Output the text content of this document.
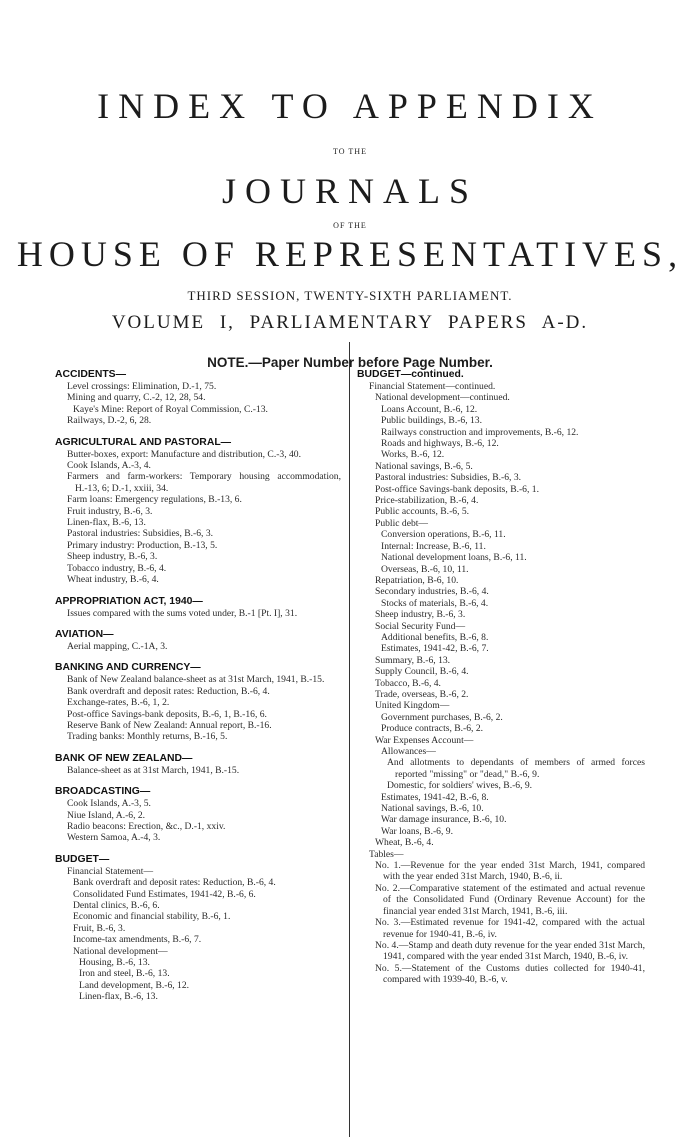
INDEX TO APPENDIX
TO THE
JOURNALS
OF THE
HOUSE OF REPRESENTATIVES,
THIRD SESSION, TWENTY-SIXTH PARLIAMENT.
VOLUME I, PARLIAMENTARY PAPERS A-D.
NOTE.—Paper Number before Page Number.
ACCIDENTS—
Level crossings: Elimination, D.-1, 75.
Mining and quarry, C.-2, 12, 28, 54.
Kaye's Mine: Report of Royal Commission, C.-13.
Railways, D.-2, 6, 28.
AGRICULTURAL AND PASTORAL—
Butter-boxes, export: Manufacture and distribution, C.-3, 40.
Cook Islands, A.-3, 4.
Farmers and farm-workers: Temporary housing accommodation, H.-13, 6; D.-1, xxiii, 34.
Farm loans: Emergency regulations, B.-13, 6.
Fruit industry, B.-6, 3.
Linen-flax, B.-6, 13.
Pastoral industries: Subsidies, B.-6, 3.
Primary industry: Production, B.-13, 5.
Sheep industry, B.-6, 3.
Tobacco industry, B.-6, 4.
Wheat industry, B.-6, 4.
APPROPRIATION ACT, 1940—
Issues compared with the sums voted under, B.-1 [Pt. I], 31.
AVIATION—
Aerial mapping, C.-1A, 3.
BANKING AND CURRENCY—
Bank of New Zealand balance-sheet as at 31st March, 1941, B.-15.
Bank overdraft and deposit rates: Reduction, B.-6, 4.
Exchange-rates, B.-6, 1, 2.
Post-office Savings-bank deposits, B.-6, 1, B.-16, 6.
Reserve Bank of New Zealand: Annual report, B.-16.
Trading banks: Monthly returns, B.-16, 5.
BANK OF NEW ZEALAND—
Balance-sheet as at 31st March, 1941, B.-15.
BROADCASTING—
Cook Islands, A.-3, 5.
Niue Island, A.-6, 2.
Radio beacons: Erection, &c., D.-1, xxiv.
Western Samoa, A.-4, 3.
BUDGET—
Financial Statement—
Bank overdraft and deposit rates: Reduction, B.-6, 4.
Consolidated Fund Estimates, 1941-42, B.-6, 6.
Dental clinics, B.-6, 6.
Economic and financial stability, B.-6, 1.
Fruit, B.-6, 3.
Income-tax amendments, B.-6, 7.
National development—
Housing, B.-6, 13.
Iron and steel, B.-6, 13.
Land development, B.-6, 12.
Linen-flax, B.-6, 13.
BUDGET—continued.
Financial Statement—continued.
National development—continued.
Loans Account, B.-6, 12.
Public buildings, B.-6, 13.
Railways construction and improvements, B.-6, 12.
Roads and highways, B.-6, 12.
Works, B.-6, 12.
National savings, B.-6, 5.
Pastoral industries: Subsidies, B.-6, 3.
Post-office Savings-bank deposits, B.-6, 1.
Price-stabilization, B.-6, 4.
Public accounts, B.-6, 5.
Public debt—
Conversion operations, B.-6, 11.
Internal: Increase, B.-6, 11.
National development loans, B.-6, 11.
Overseas, B.-6, 10, 11.
Repatriation, B-6, 10.
Secondary industries, B.-6, 4.
Stocks of materials, B.-6, 4.
Sheep industry, B.-6, 3.
Social Security Fund—
Additional benefits, B.-6, 8.
Estimates, 1941-42, B.-6, 7.
Summary, B.-6, 13.
Supply Council, B.-6, 4.
Tobacco, B.-6, 4.
Trade, overseas, B.-6, 2.
United Kingdom—
Government purchases, B.-6, 2.
Produce contracts, B.-6, 2.
War Expenses Account—
Allowances—
And allotments to dependants of members of armed forces reported "missing" or "dead," B.-6, 9.
Domestic, for soldiers' wives, B.-6, 9.
Estimates, 1941-42, B.-6, 8.
National savings, B.-6, 10.
War damage insurance, B.-6, 10.
War loans, B.-6, 9.
Wheat, B.-6, 4.
Tables—
No. 1.—Revenue for the year ended 31st March, 1941, compared with the year ended 31st March, 1940, B.-6, ii.
No. 2.—Comparative statement of the estimated and actual revenue of the Consolidated Fund (Ordinary Revenue Account) for the financial year ended 31st March, 1941, B.-6, iii.
No. 3.—Estimated revenue for 1941-42, compared with the actual revenue for 1940-41, B.-6, iv.
No. 4.—Stamp and death duty revenue for the year ended 31st March, 1941, compared with the year ended 31st March, 1940, B.-6, iv.
No. 5.—Statement of the Customs duties collected for 1940-41, compared with 1939-40, B.-6, v.
